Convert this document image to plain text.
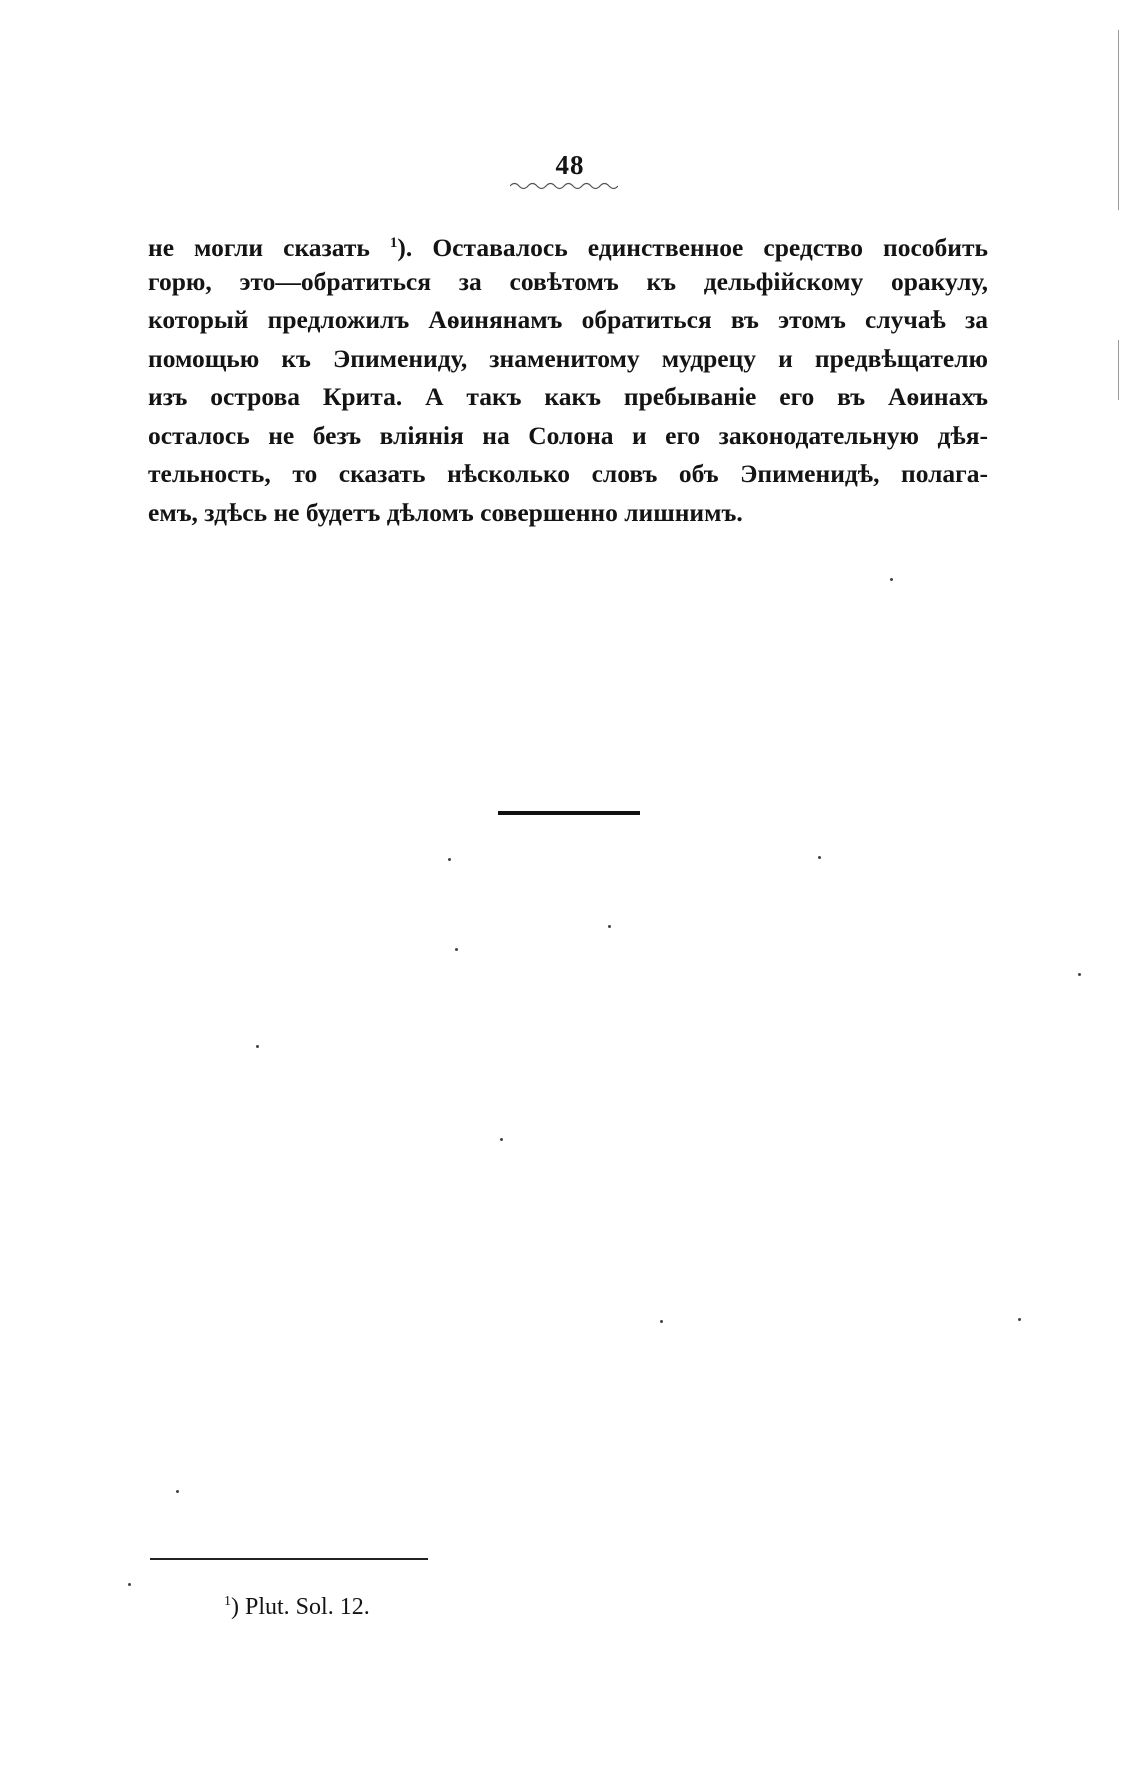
48
не могли сказать $^1$). Оставалось единственное средство пособить
горю, это—обратиться за совѣтомъ къ дельфійскому оракулу,
который предложилъ Аѳинянамъ обратиться въ этомъ случаѣ за
помощью къ Эпимениду, знаменитому мудрецу и предвѣщателю
изъ острова Крита. А такъ какъ пребываніе его въ Аѳинахъ
осталось не безъ вліянія на Солона и его законодательную дѣя-
тельность, то сказать нѣсколько словъ объ Эпименидѣ, полага-
емъ, здѣсь не будетъ дѣломъ совершенно лишнимъ.
$^1$) Plut. Sol. 12.
